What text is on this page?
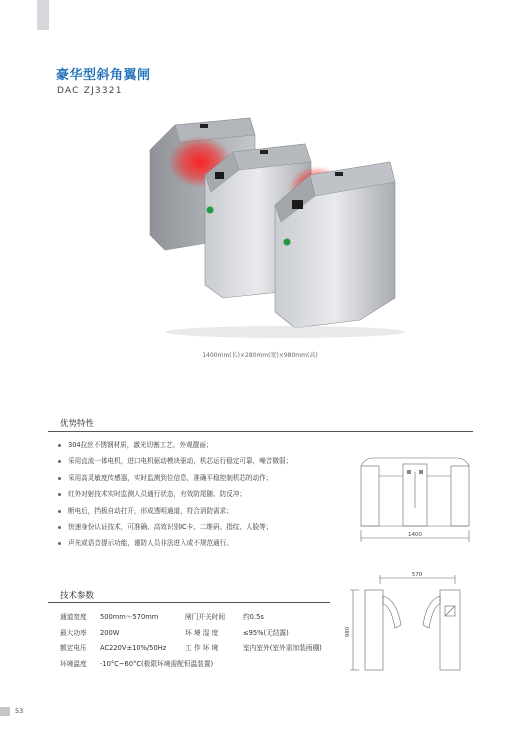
豪华型斜角翼闸
DAC ZJ3321
1400mm(长)×280mm(宽)×980mm(高)
优势特性
304拉丝不锈钢材质，激光切割工艺，外观靓丽；
采用直流一体电机，进口电机驱动模块驱动，机芯运行稳定可靠，噪音微弱；
采用高灵敏度传感器，实时监测到位信息，准确平稳控制机芯的动作；
红外对射技术实时监测人员通行状态，有效防尾随、防反冲；
断电后，挡板自动打开，形成透明通道，符合消防需求；
快速身份认证技术，可准确、高效识别IC卡、二维码、指纹、人脸等；
声光或语音提示功能，谨防人员非法进入或不规范通行。
1400
技术参数
通道宽度 500mm～570mm	闸门开关时间	约0.5s
最大功率 200W	环 境 湿 度	≤95%(无结露)
额定电压 AC220V±10%/50Hz	工 作 环 境	室内室外(室外需加装雨棚)
环境温度 -10°C~60°C(极限环境需配恒温装置)
570
980
53
